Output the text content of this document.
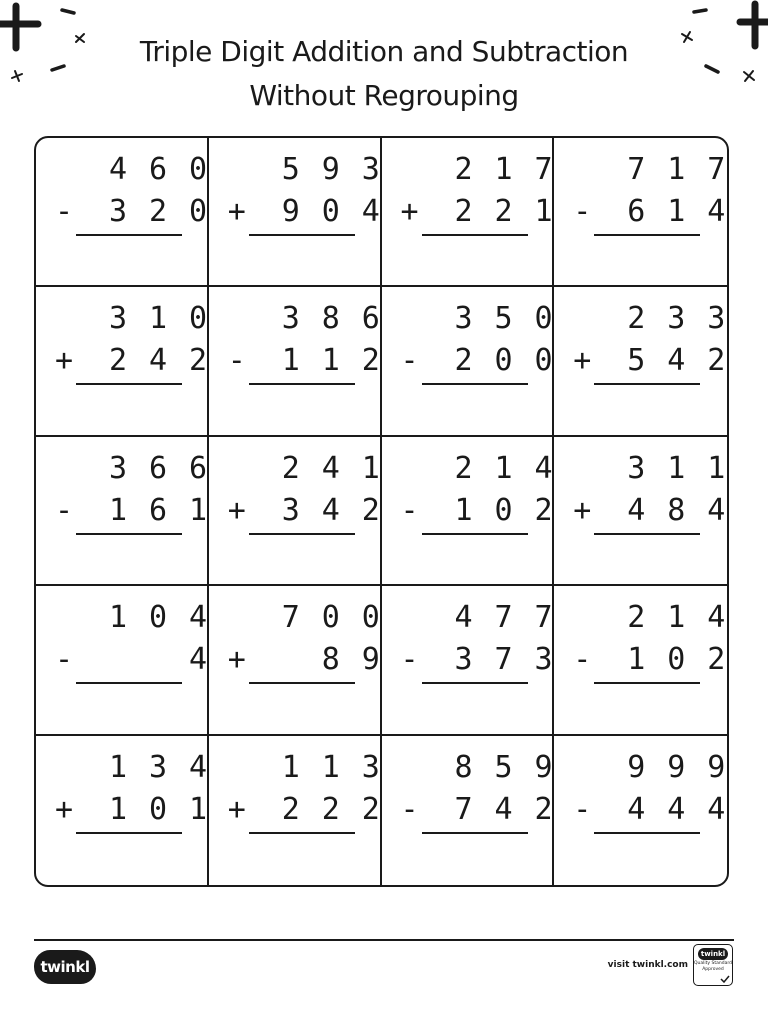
Triple Digit Addition and Subtraction
Without Regrouping
4 6 0
- 3 2 0
5 9 3
+ 9 0 4
2 1 7
+ 2 2 1
7 1 7
- 6 1 4
3 1 0
+ 2 4 2
3 8 6
- 1 1 2
3 5 0
- 2 0 0
2 3 3
+ 5 4 2
3 6 6
- 1 6 1
2 4 1
+ 3 4 2
2 1 4
- 1 0 2
3 1 1
+ 4 8 4
1 0 4
-	4
7 0 0
+	8 9
4 7 7
- 3 7 3
2 1 4
- 1 0 2
1 3 4
+ 1 0 1
1 1 3
+ 2 2 2
8 5 9
- 7 4 2
9 9 9
- 4 4 4
twinkl	visit twinkl.com
twinkl
Quality Standard
Approved
